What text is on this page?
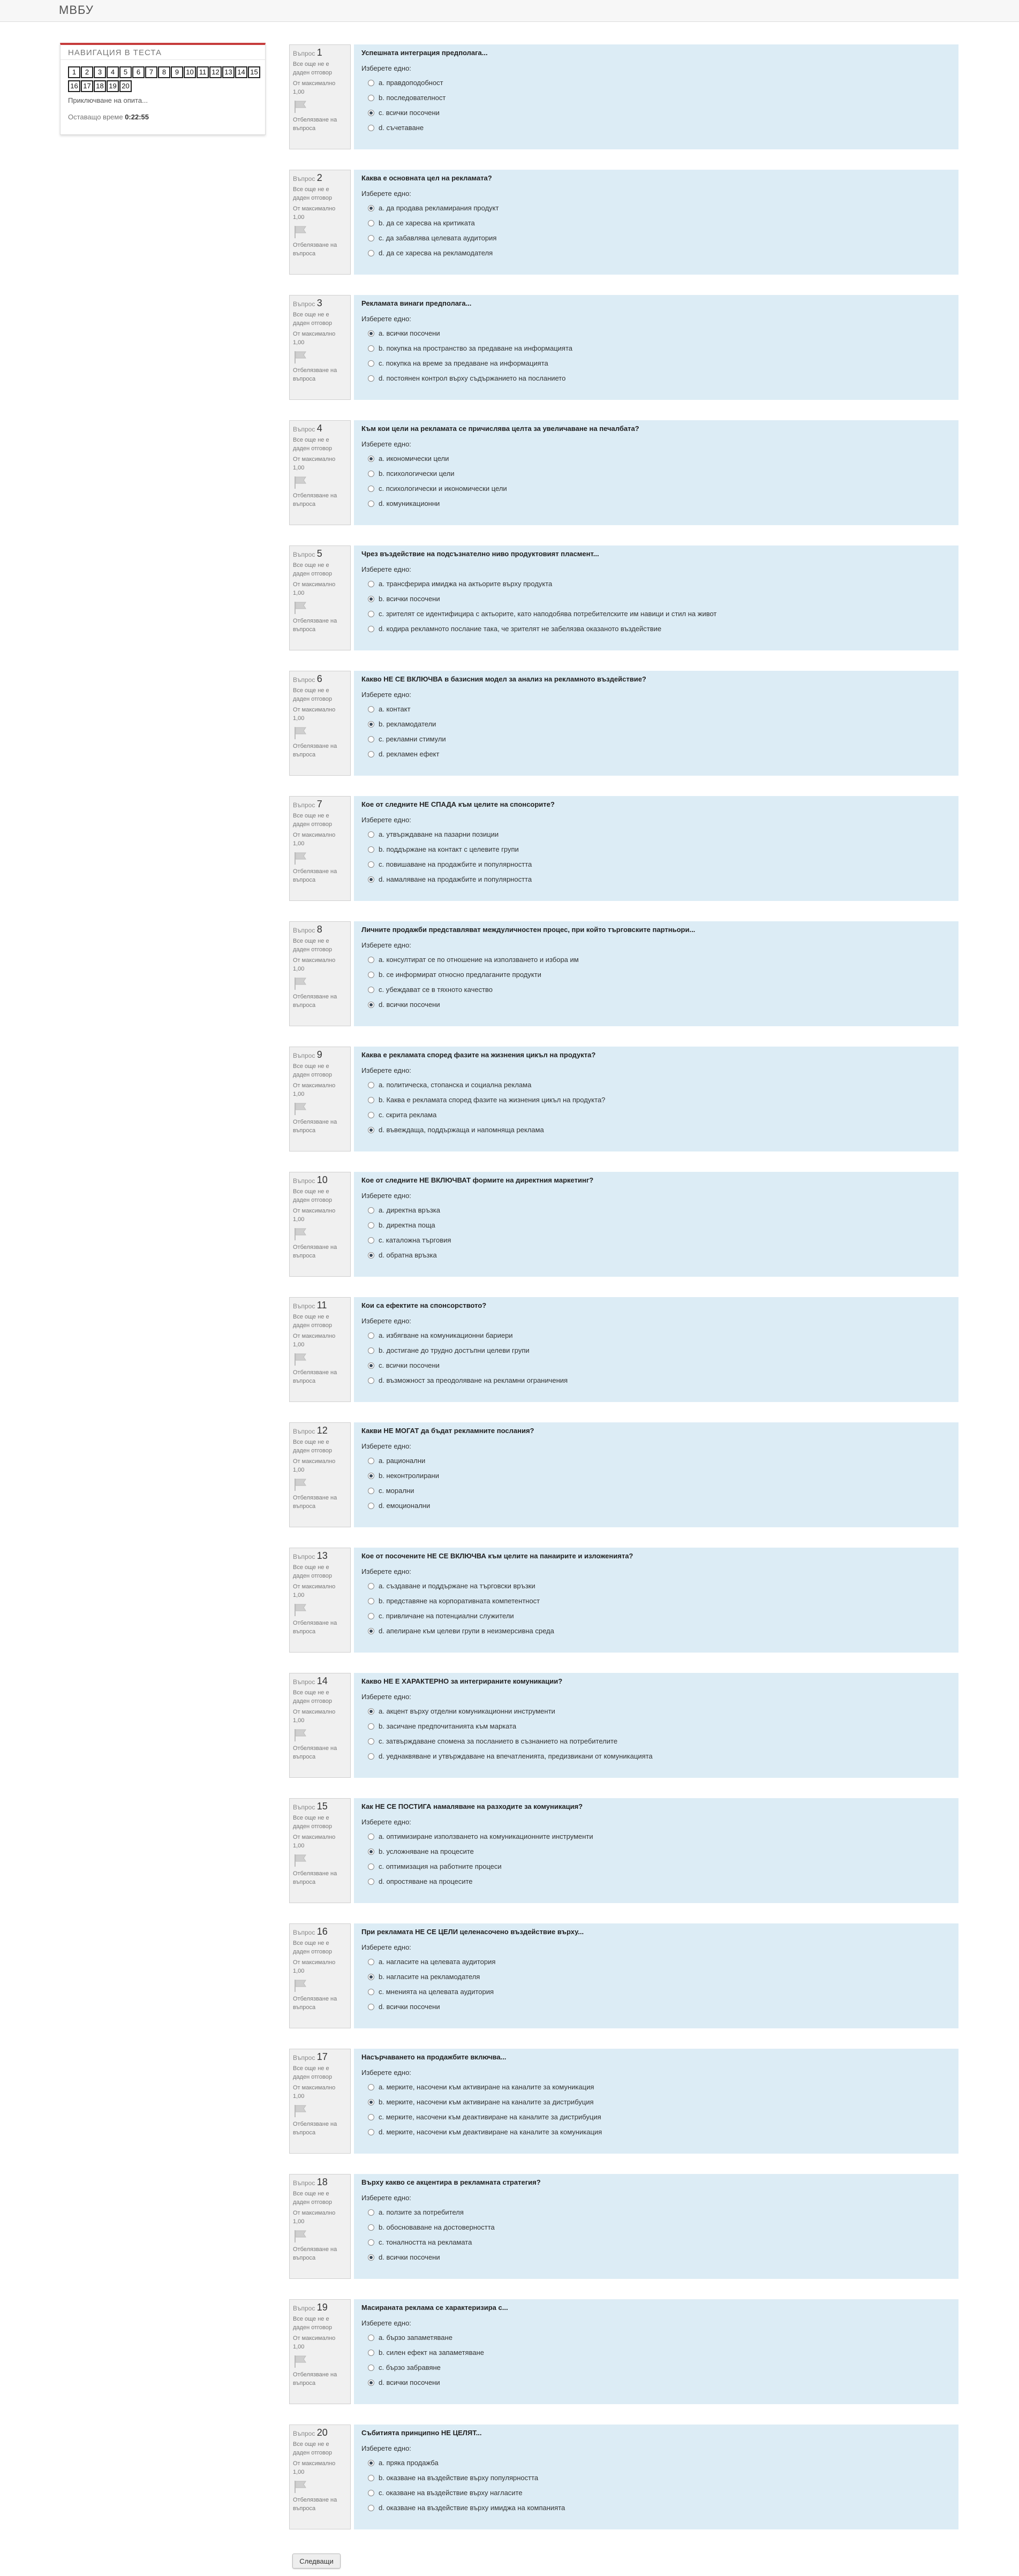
МВБУ
НАВИГАЦИЯ В ТЕСТА
1 2 3 4 5 6 7 8 9 10 11 12 13 14 1516 17 18 19 20
Приключване на опита...
Оставащо време 0:22:55
Въпрос 1
Все още не е даден отговор
От максимално 1,00
Отбелязване на въпроса
Успешната интеграция предполага...
Изберете едно:
a. правдоподобност
b. последователност
c. всички посочени
d. съчетаване
Въпрос 2
Все още не е даден отговор
От максимално 1,00
Отбелязване на въпроса
Каква е основната цел на рекламата?
Изберете едно:
a. да продава рекламирания продукт
b. да се харесва на критиката
c. да забавлява целевата аудитория
d. да се харесва на рекламодателя
Въпрос 3
Все още не е даден отговор
От максимално 1,00
Отбелязване на въпроса
Рекламата винаги предполага...
Изберете едно:
a. всички посочени
b. покупка на пространство за предаване на информацията
c. покупка на време за предаване на информацията
d. постоянен контрол върху съдържанието на посланието
Въпрос 4
Все още не е даден отговор
От максимално 1,00
Отбелязване на въпроса
Към кои цели на рекламата се причислява целта за увеличаване на печалбата?
Изберете едно:
a. икономически цели
b. психологически цели
c. психологически и икономически цели
d. комуникационни
Въпрос 5
Все още не е даден отговор
От максимално 1,00
Отбелязване на въпроса
Чрез въздействие на подсъзнателно ниво продуктовият плaсмент...
Изберете едно:
a. трансферира имиджа на актьорите върху продукта
b. всички посочени
c. зрителят се идентифицира с актьорите, като наподобява потребителските им навици и стил на живот
d. кодира рекламното послание така, че зрителят не забелязва оказаното въздействие
Въпрос 6
Все още не е даден отговор
От максимално 1,00
Отбелязване на въпроса
Какво НЕ СЕ ВКЛЮЧВА в базисния модел за анализ на рекламното въздействие?
Изберете едно:
a. контакт
b. рекламодатели
c. рекламни стимули
d. рекламен ефект
Въпрос 7
Все още не е даден отговор
От максимално 1,00
Отбелязване на въпроса
Кое от следните НЕ СПАДА към целите на спонсорите?
Изберете едно:
a. утвърждаване на пазарни позиции
b. поддържане на контакт с целевите групи
c. повишаване на продажбите и популярността
d. намаляване на продажбите и популярността
Въпрос 8
Все още не е даден отговор
От максимално 1,00
Отбелязване на въпроса
Личните продажби представляват междуличностен процес, при който търговските партньори...
Изберете едно:
a. консултират се по отношение на използването и избора им
b. се информират относно предлаганите продукти
c. убеждават се в тяхното качество
d. всички посочени
Въпрос 9
Все още не е даден отговор
От максимално 1,00
Отбелязване на въпроса
Каква е рекламата според фазите на жизнения цикъл на продукта?
Изберете едно:
a. политическа, стопанска и социална реклама
b. Каква е рекламата според фазите на жизнения цикъл на продукта?
c. скрита реклама
d. въвеждаща, поддържаща и напомняща реклама
Въпрос 10
Все още не е даден отговор
От максимално 1,00
Отбелязване на въпроса
Кое от следните НЕ ВКЛЮЧВАТ формите на директния маркетинг?
Изберете едно:
a. директна връзка
b. директна поща
c. каталожна търговия
d. обратна връзка
Въпрос 11
Все още не е даден отговор
От максимално 1,00
Отбелязване на въпроса
Кои са ефектите на спонсорството?
Изберете едно:
a. избягване на комуникационни бариери
b. достигане до трудно достъпни целеви групи
c. всички посочени
d. възможност за преодоляване на рекламни ограничения
Въпрос 12
Все още не е даден отговор
От максимално 1,00
Отбелязване на въпроса
Какви НЕ МОГАТ да бъдат рекламните послания?
Изберете едно:
a. рационални
b. неконтролирани
c. морални
d. емоционални
Въпрос 13
Все още не е даден отговор
От максимално 1,00
Отбелязване на въпроса
Кое от посочените НЕ СЕ ВКЛЮЧВА към целите на панаирите и изложенията?
Изберете едно:
a. създаване и поддържане на търговски връзки
b. представяне на корпоративната компетентност
c. привличане на потенциални служители
d. апелиране към целеви групи в неизмерсивна среда
Въпрос 14
Все още не е даден отговор
От максимално 1,00
Отбелязване на въпроса
Какво НЕ Е ХАРАКТЕРНО за интегрираните комуникации?
Изберете едно:
a. акцент върху отделни комуникационни инструменти
b. засичане предпочитанията към марката
c. затвърждаване спомена за посланието в съзнанието на потребителите
d. уеднаквяване и утвърждаване на впечатленията, предизвикани от комуникацията
Въпрос 15
Все още не е даден отговор
От максимално 1,00
Отбелязване на въпроса
Как НЕ СЕ ПОСТИГА намаляване на разходите за комуникация?
Изберете едно:
a. оптимизиране използването на комуникационните инструменти
b. усложняване на процесите
c. оптимизация на работните процеси
d. опростяване на процесите
Въпрос 16
Все още не е даден отговор
От максимално 1,00
Отбелязване на въпроса
При рекламата НЕ СЕ ЦЕЛИ целенасочено въздействие върху...
Изберете едно:
a. нагласите на целевата аудитория
b. нагласите на рекламодателя
c. мненията на целевата аудитория
d. всички посочени
Въпрос 17
Все още не е даден отговор
От максимално 1,00
Отбелязване на въпроса
Насърчаването на продажбите включва...
Изберете едно:
a. мерките, насочени към активиране на каналите за комуникация
b. мерките, насочени към активиране на каналите за дистрибуция
c. мерките, насочени към деактивиране на каналите за дистрибуция
d. мерките, насочени към деактивиране на каналите за комуникация
Въпрос 18
Все още не е даден отговор
От максимално 1,00
Отбелязване на въпроса
Върху какво се акцентира в рекламната стратегия?
Изберете едно:
a. ползите за потребителя
b. обосноваване на достоверността
c. тоналността на рекламата
d. всички посочени
Въпрос 19
Все още не е даден отговор
От максимално 1,00
Отбелязване на въпроса
Масираната реклама се характеризира с...
Изберете едно:
a. бързо запаметяване
b. силен ефект на запаметяване
c. бързо забравяне
d. всички посочени
Въпрос 20
Все още не е даден отговор
От максимално 1,00
Отбелязване на въпроса
Събитията принципно НЕ ЦЕЛЯТ...
Изберете едно:
a. пряка продажба
b. оказване на въздействие върху популярността
c. оказване на въздействие върху нагласите
d. оказване на въздействие върху имиджа на компанията
Следващи
